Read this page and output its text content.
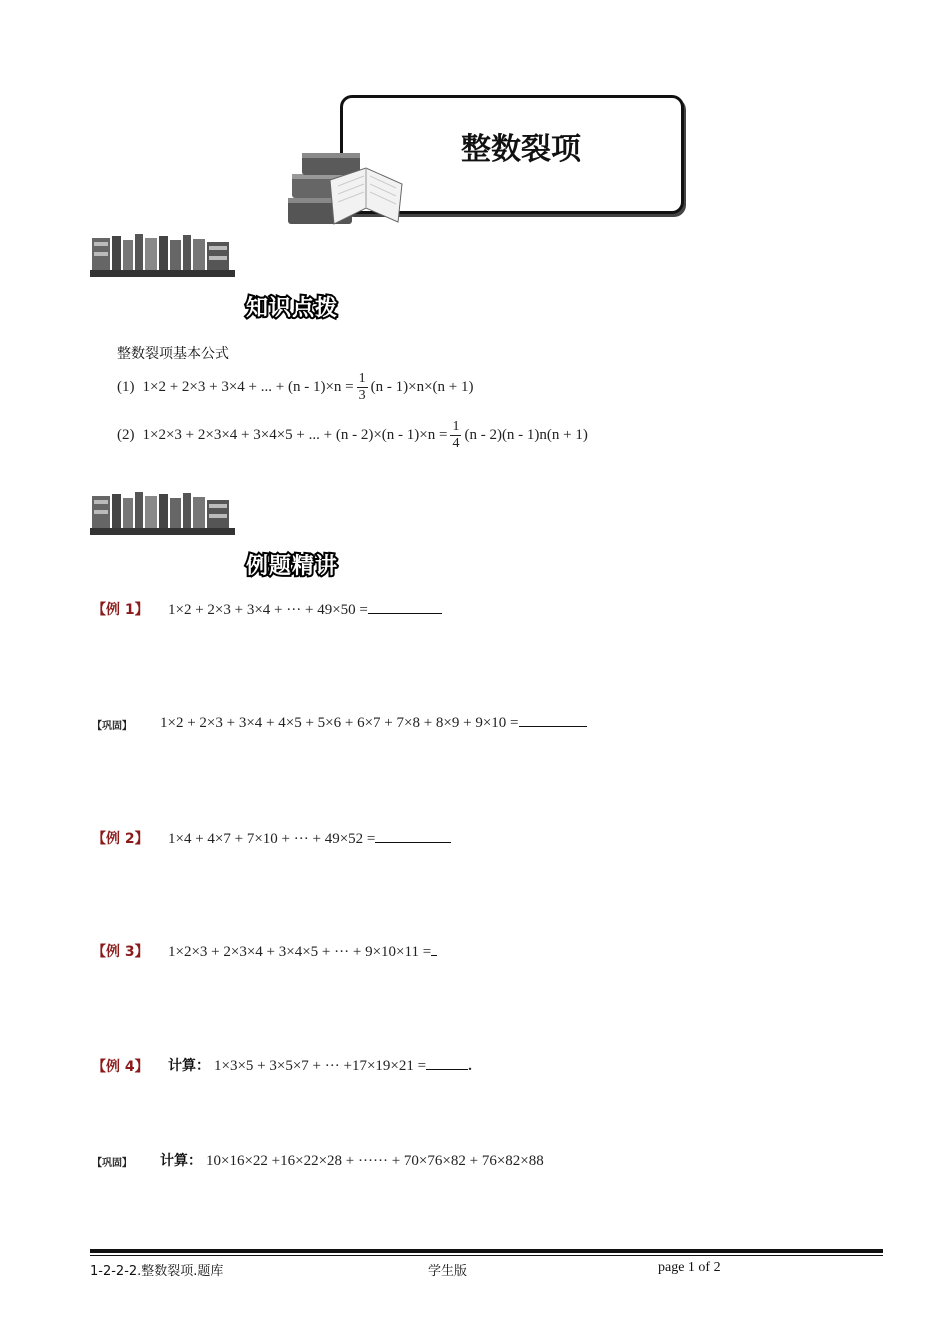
整数裂项
知识点拨
整数裂项基本公式
(1) 1×2 + 2×3 + 3×4 + ... + $(n - 1)\times n = \frac{1}{3} (n - 1)\times n\times(n + 1)$
(2) 1×2×3 + 2×3×4 + 3×4×5 + ... + $(n - 2)\times(n - 1)\times n = \frac{1}{4} (n - 2)(n - 1)n(n + 1)$
例题精讲
【例 1】 1×2 + 2×3 + 3×4 + ··· + 49×50 =
【巩固】 1×2 + 2×3 + 3×4 + 4×5 + 5×6 + 6×7 + 7×8 + 8×9 + 9×10 =
【例 2】 1×4 + 4×7 + 7×10 + ··· + 49×52 =
【例 3】 1×2×3 + 2×3×4 + 3×4×5 + ··· + 9×10×11 =
【例 4】 计算： 1×3×5 + 3×5×7 + ··· +17×19×21 =	.
【巩固】 计算： 10×16×22 +16×22×28 + ······ + 70×76×82 + 76×82×88
1-2-2-2.整数裂项.题库	学生版	page 1 of 2
